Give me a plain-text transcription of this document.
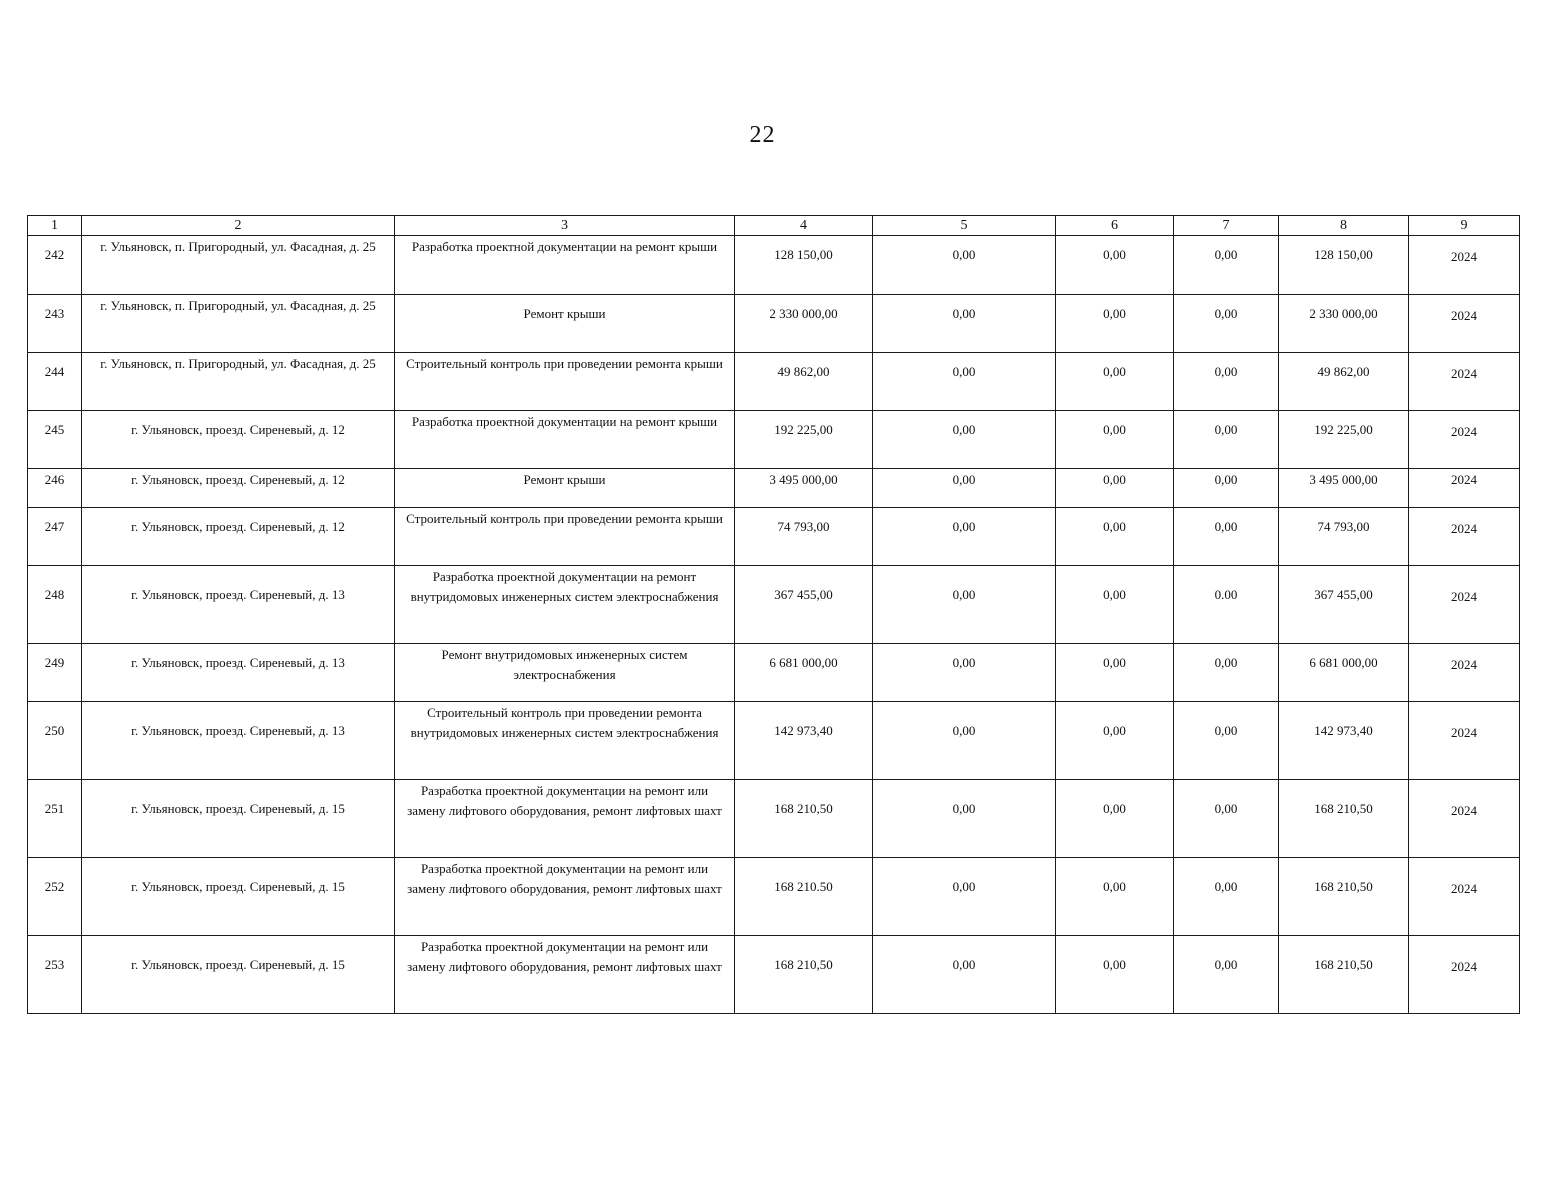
22
1	2	3	4	5	6	7	8	9
242	г. Ульяновск, п. Пригородный, ул. Фасадная, д. 25	Разработка проектной документации на ремонт крыши	128 150,00	0,00	0,00	0,00	128 150,00	2024
243	г. Ульяновск, п. Пригородный, ул. Фасадная, д. 25	Ремонт крыши	2 330 000,00	0,00	0,00	0,00	2 330 000,00	2024
244	г. Ульяновск, п. Пригородный, ул. Фасадная, д. 25	Строительный контроль при проведении ремонта крыши	49 862,00	0,00	0,00	0,00	49 862,00	2024
245	г. Ульяновск, проезд. Сиреневый, д. 12	Разработка проектной документации на ремонт крыши	192 225,00	0,00	0,00	0,00	192 225,00	2024
246	г. Ульяновск, проезд. Сиреневый, д. 12	Ремонт крыши	3 495 000,00	0,00	0,00	0,00	3 495 000,00	2024
247	г. Ульяновск, проезд. Сиреневый, д. 12	Строительный контроль при проведении ремонта крыши	74 793,00	0,00	0,00	0,00	74 793,00	2024
248	г. Ульяновск, проезд. Сиреневый, д. 13	Разработка проектной документации на ремонт внутридомовых инженерных систем электроснабжения	367 455,00	0,00	0,00	0.00	367 455,00	2024
249	г. Ульяновск, проезд. Сиреневый, д. 13	Ремонт внутридомовых инженерных систем электроснабжения	6 681 000,00	0,00	0,00	0,00	6 681 000,00	2024
250	г. Ульяновск, проезд. Сиреневый, д. 13	Строительный контроль при проведении ремонта внутридомовых инженерных систем электроснабжения	142 973,40	0,00	0,00	0,00	142 973,40	2024
251	г. Ульяновск, проезд. Сиреневый, д. 15	Разработка проектной документации на ремонт или замену лифтового оборудования, ремонт лифтовых шахт	168 210,50	0,00	0,00	0,00	168 210,50	2024
252	г. Ульяновск, проезд. Сиреневый, д. 15	Разработка проектной документации на ремонт или замену лифтового оборудования, ремонт лифтовых шахт	168 210.50	0,00	0,00	0,00	168 210,50	2024
253	г. Ульяновск, проезд. Сиреневый, д. 15	Разработка проектной документации на ремонт или замену лифтового оборудования, ремонт лифтовых шахт	168 210,50	0,00	0,00	0,00	168 210,50	2024
